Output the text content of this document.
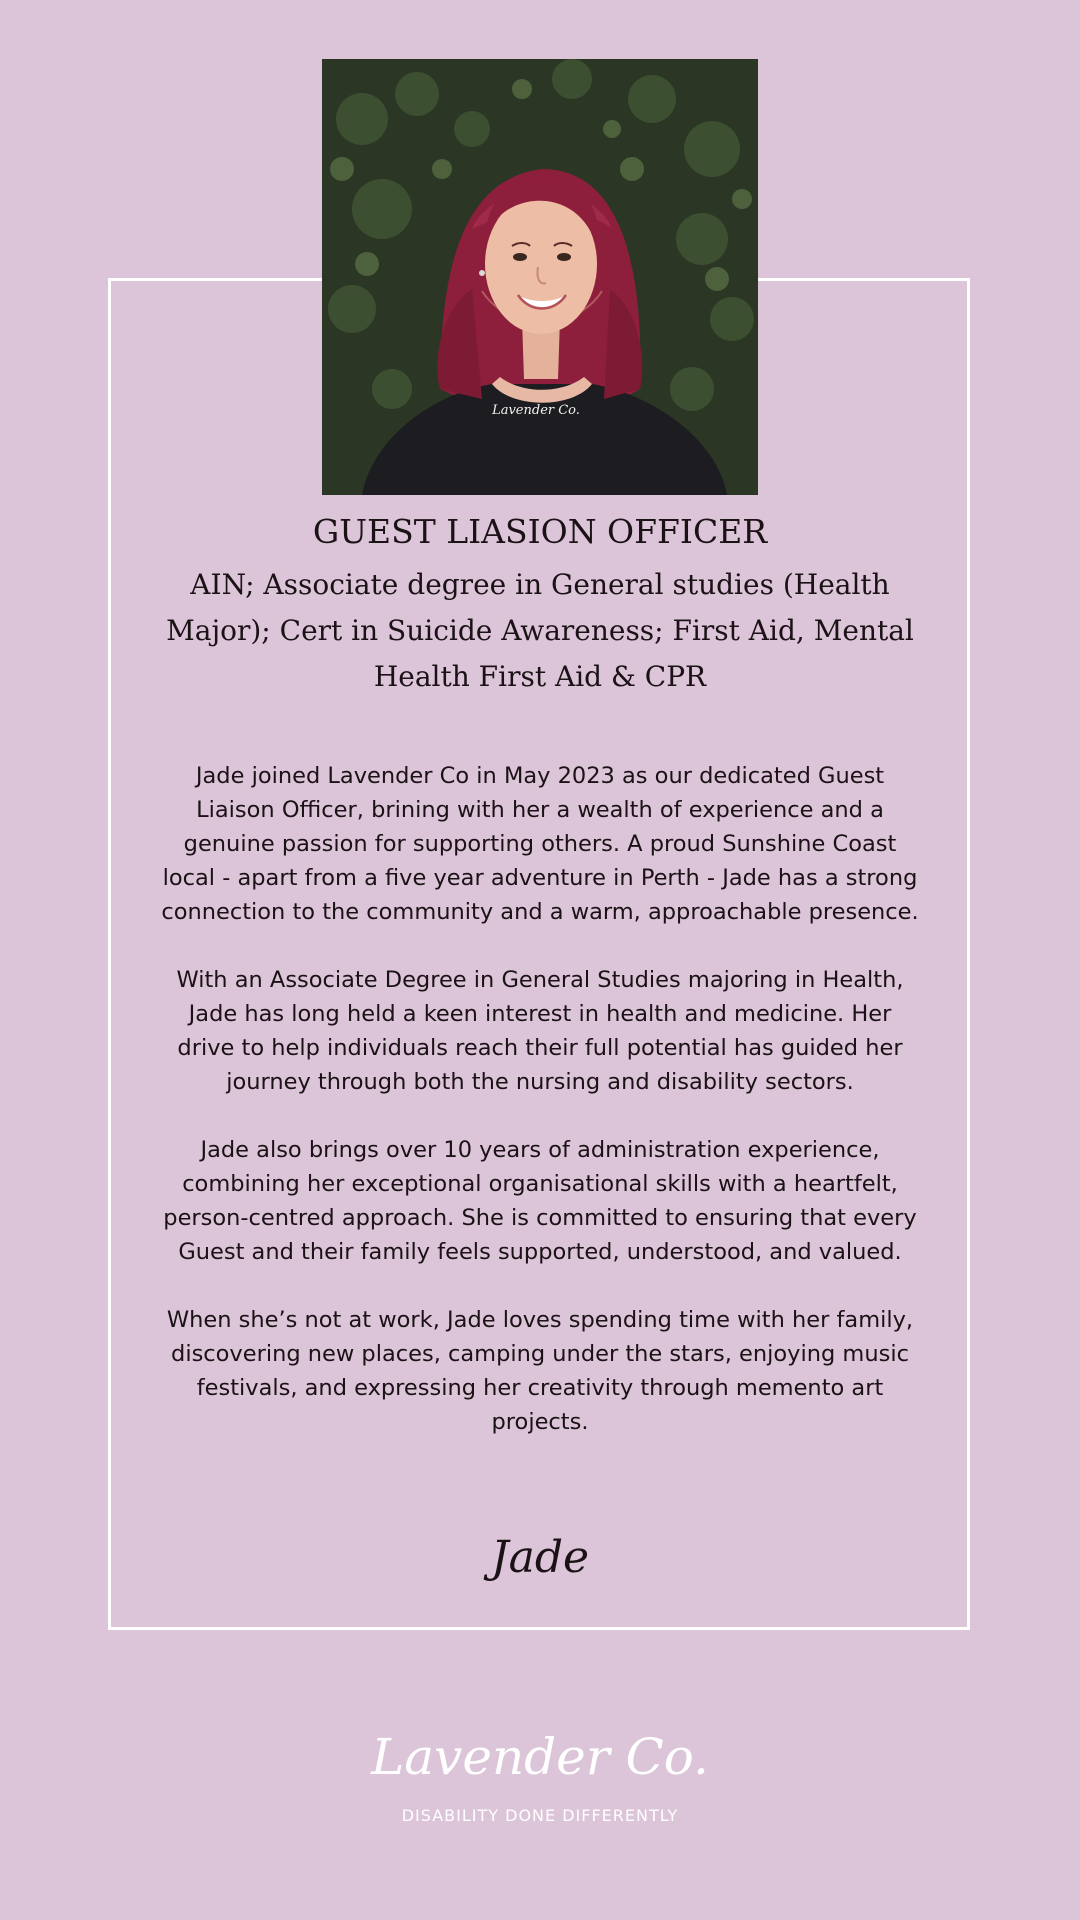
Lavender Co.
GUEST LIASION OFFICER
AIN; Associate degree in General studies (Health Major); Cert in Suicide Awareness; First Aid, Mental Health First Aid & CPR

Jade joined Lavender Co in May 2023 as our dedicated Guest Liaison Officer, brining with her a wealth of experience and a genuine passion for supporting others. A proud Sunshine Coast local - apart from a five year adventure in Perth - Jade has a strong connection to the community and a warm, approachable presence.

With an Associate Degree in General Studies majoring in Health, Jade has long held a keen interest in health and medicine. Her drive to help individuals reach their full potential has guided her journey through both the nursing and disability sectors.

Jade also brings over 10 years of administration experience, combining her exceptional organisational skills with a heartfelt, person-centred approach. She is committed to ensuring that every Guest and their family feels supported, understood, and valued.

When she’s not at work, Jade loves spending time with her family, discovering new places, camping under the stars, enjoying music festivals, and expressing her creativity through memento art projects.

Jade
Lavender Co.
DISABILITY DONE DIFFERENTLY
